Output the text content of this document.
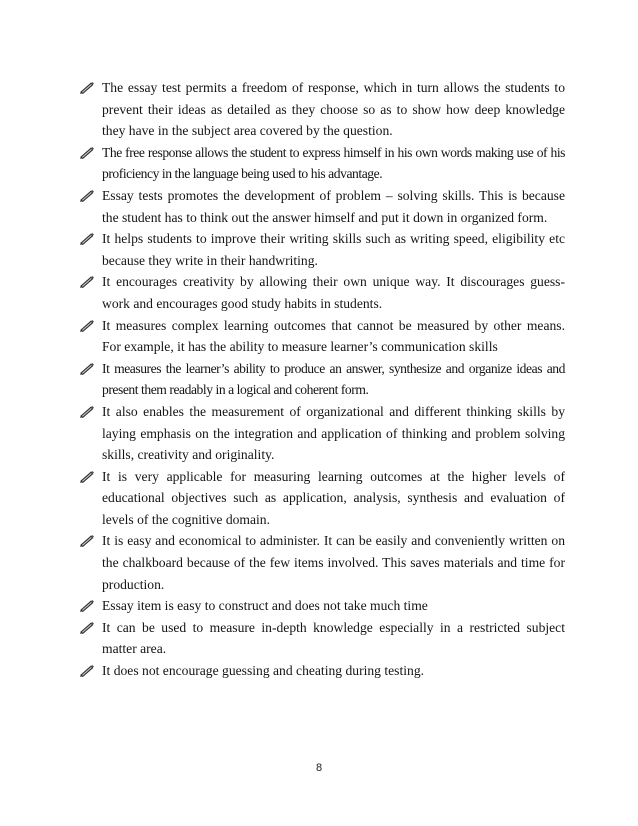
The essay test permits a freedom of response, which in turn allows the students to prevent their ideas as detailed as they choose so as to show how deep knowledge they have in the subject area covered by the question.
The free response allows the student to express himself in his own words making use of his proficiency in the language being used to his advantage.
Essay tests promotes the development of problem – solving skills. This is because the student has to think out the answer himself and put it down in organized form.
It helps students to improve their writing skills such as writing speed, eligibility etc because they write in their handwriting.
It encourages creativity by allowing their own unique way. It discourages guess-work and encourages good study habits in students.
It measures complex learning outcomes that cannot be measured by other means. For example, it has the ability to measure learner’s communication skills
It measures the learner’s ability to produce an answer, synthesize and organize ideas and present them readably in a logical and coherent form.
It also enables the measurement of organizational and different thinking skills by laying emphasis on the integration and application of thinking and problem solving skills, creativity and originality.
It is very applicable for measuring learning outcomes at the higher levels of educational objectives such as application, analysis, synthesis and evaluation of levels of the cognitive domain.
It is easy and economical to administer. It can be easily and conveniently written on the chalkboard because of the few items involved. This saves materials and time for production.
Essay item is easy to construct and does not take much time
It can be used to measure in-depth knowledge especially in a restricted subject matter area.
It does not encourage guessing and cheating during testing.
8
